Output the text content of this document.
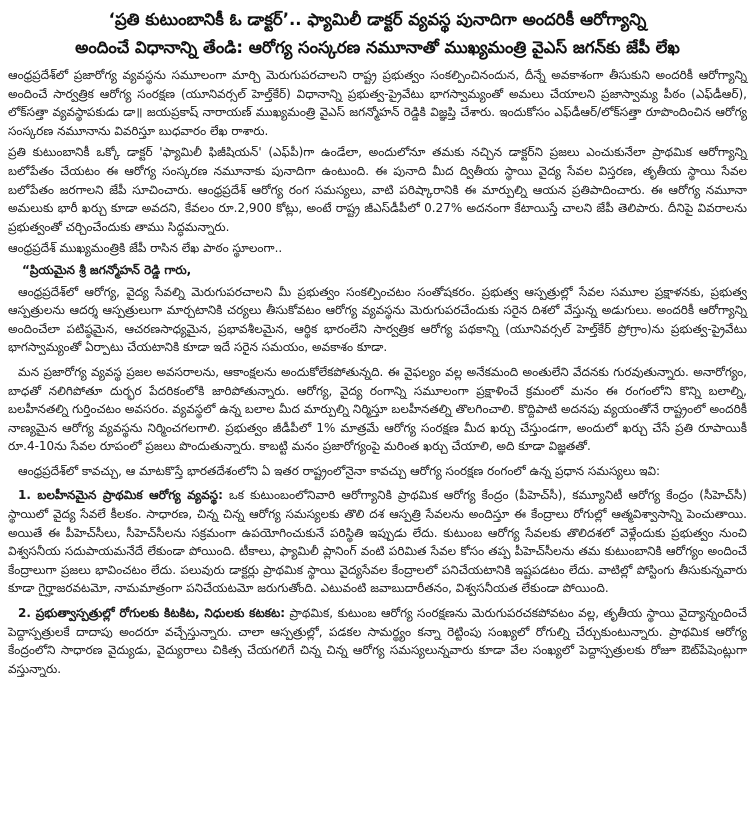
‘ప్రతి కుటుంబానికీ ఓ డాక్టర్’.. ఫ్యామిలీ డాక్టర్ వ్యవస్థ పునాదిగా అందరికీ ఆరోగ్యాన్ని
అందించే విధానాన్ని తేండి: ఆరోగ్య సంస్కరణ నమూనాతో ముఖ్యమంత్రి వైఎస్ జగన్‌కు జేపీ లేఖ

ఆంధ్రప్రదేశ్‌లో ప్రజారోగ్య వ్యవస్థను సమూలంగా మార్చి మెరుగుపరచాలని రాష్ట్ర ప్రభుత్వం సంకల్పించినందున, దీన్నే అవకాశంగా తీసుకుని అందరికీ ఆరోగ్యాన్ని అందించే సార్వత్రిక ఆరోగ్య సంరక్షణ (యూనివర్సల్ హెల్త్‌కేర్) విధానాన్ని ప్రభుత్వ-ప్రైవేటు భాగస్వామ్యంతో అమలు చేయాలని ప్రజాస్వామ్య పీఠం (ఎఫ్‌డీఆర్), లోక్‌సత్తా వ్యవస్థాపకుడు డా॥ జయప్రకాష్ నారాయణ్ ముఖ్యమంత్రి వైఎస్ జగన్మోహన్ రెడ్డికి విజ్ఞప్తి చేశారు. ఇందుకోసం ఎఫ్‌డీఆర్/లోక్‌సత్తా రూపొందించిన ఆరోగ్య సంస్కరణ నమూనాను వివరిస్తూ బుధవారం లేఖ రాశారు.

ప్రతి కుటుంబానికీ ఒక్కో డాక్టర్ 'ఫ్యామిలీ ఫిజీషియన్' (ఎఫ్‌పీ)గా ఉండేలా, అందులోనూ తమకు నచ్చిన డాక్టర్‌ని ప్రజలు ఎంచుకునేలా ప్రాథమిక ఆరోగ్యాన్ని బలోపేతం చేయటం ఈ ఆరోగ్య సంస్కరణ నమూనాకు పునాదిగా ఉంటుంది. ఈ పునాది మీద ద్వితీయ స్థాయి వైద్య సేవల విస్తరణ, తృతీయ స్థాయి సేవల బలోపేతం జరగాలని జేపీ సూచించారు. ఆంధ్రప్రదేశ్ ఆరోగ్య రంగ సమస్యలు, వాటి పరిష్కారానికి ఈ మార్పుల్ని ఆయన ప్రతిపాదించారు. ఈ ఆరోగ్య నమూనా అమలుకు భారీ ఖర్చు కూడా అవదని, కేవలం రూ.2,900 కోట్లు, అంటే రాష్ట్ర జీఎస్‌డీపీలో 0.27% అదనంగా కేటాయిస్తే చాలని జేపీ తెలిపారు. దీనిపై వివరాలను ప్రభుత్వంతో చర్చించేందుకు తాము సిద్ధమన్నారు.

ఆంధ్రప్రదేశ్ ముఖ్యమంత్రికి జేపీ రాసిన లేఖ పాఠం స్థూలంగా..

“ప్రియమైన శ్రీ జగన్మోహన్ రెడ్డి గారు,

ఆంధ్రప్రదేశ్‌లో ఆరోగ్య, వైద్య సేవల్ని మెరుగుపరచాలని మీ ప్రభుత్వం సంకల్పించటం సంతోషకరం. ప్రభుత్వ ఆస్పత్రుల్లో సేవల సమూల ప్రక్షాళనకు, ప్రభుత్వ ఆస్పత్రులను ఆదర్శ ఆస్పత్రులుగా మార్చటానికి చర్యలు తీసుకోవటం ఆరోగ్య వ్యవస్థను మెరుగుపరచేందుకు సరైన దిశలో వేస్తున్న అడుగులు. అందరికీ ఆరోగ్యాన్ని అందించేలా పటిష్ఠమైన, ఆచరణసాధ్యమైన, ప్రభావశీలమైన, ఆర్థిక భారంలేని సార్వత్రిక ఆరోగ్య పథకాన్ని (యూనివర్సల్ హెల్త్‌కేర్ ప్రోగ్రాం)ను ప్రభుత్వ-ప్రైవేటు భాగస్వామ్యంతో ఏర్పాటు చేయటానికి కూడా ఇదే సరైన సమయం, అవకాశం కూడా.

మన ప్రజారోగ్య వ్యవస్థ ప్రజల అవసరాలను, ఆకాంక్షలను అందుకోలేకపోతున్నది. ఈ వైఫల్యం వల్ల అనేకమంది అంతులేని వేదనకు గురవుతున్నారు. అనారోగ్యం, బాధతో నలిగిపోతూ దుర్భర పేదరికంలోకి జారిపోతున్నారు. ఆరోగ్య, వైద్య రంగాన్ని సమూలంగా ప్రక్షాళించే క్రమంలో మనం ఈ రంగంలోని కొన్ని బలాల్ని, బలహీనతల్ని గుర్తించటం అవసరం. వ్యవస్థలో ఉన్న బలాల మీద మార్పుల్ని నిర్మిస్తూ బలహీనతల్ని తొలగించాలి. కొద్దిపాటి అదనపు వ్యయంతోనే రాష్ట్రంలో అందరికీ నాణ్యమైన ఆరోగ్య వ్యవస్థను నిర్మించగలగాలి. ప్రభుత్వం జీడీపీలో 1% మాత్రమే ఆరోగ్య సంరక్షణ మీద ఖర్చు చేస్తుండగా, అందులో ఖర్చు చేసే ప్రతి రూపాయికీ రూ.4-10ను సేవల రూపంలో ప్రజలు పొందుతున్నారు. కాబట్టి మనం ప్రజారోగ్యంపై మరింత ఖర్చు చేయాలి, అది కూడా విజ్ఞతతో.

ఆంధ్రప్రదేశ్‌లో కావచ్చు, ఆ మాటకొస్తే భారతదేశంలోని ఏ ఇతర రాష్ట్రంలోనైనా కావచ్చు ఆరోగ్య సంరక్షణ రంగంలో ఉన్న ప్రధాన సమస్యలు ఇవి:

1. బలహీనమైన ప్రాథమిక ఆరోగ్య వ్యవస్థ: ఒక కుటుంబంలోనివారి ఆరోగ్యానికి ప్రాథమిక ఆరోగ్య కేంద్రం (పీహెచ్‌సీ), కమ్యూనిటీ ఆరోగ్య కేంద్రం (సీహెచ్‌సీ) స్థాయిలో వైద్య సేవలే కీలకం. సాధారణ, చిన్న చిన్న ఆరోగ్య సమస్యలకు తొలి దశ ఆస్పత్రి సేవలను అందిస్తూ ఈ కేంద్రాలు రోగుల్లో ఆత్మవిశ్వాసాన్ని పెంచుతాయి. అయితే ఈ పీహెచ్‌సీలు, సీహెచ్‌సీలను సక్రమంగా ఉపయోగించుకునే పరిస్థితి ఇప్పుడు లేదు. కుటుంబ ఆరోగ్య సేవలకు తొలిదశలో వెళ్లేందుకు ప్రభుత్వం నుంచి విశ్వసనీయ సదుపాయమనేదే లేకుండా పోయింది. టీకాలు, ఫ్యామిలీ ప్లానింగ్ వంటి పరిమిత సేవల కోసం తప్ప పీహెచ్‌సీలను తమ కుటుంబానికి ఆరోగ్యం అందించే కేంద్రాలుగా ప్రజలు భావించటం లేదు. పలువురు డాక్టర్లు ప్రాథమిక స్థాయి వైద్యసేవల కేంద్రాలలో పనిచేయటానికి ఇష్టపడటం లేదు. వాటిల్లో పోస్టింగు తీసుకున్నవారు కూడా గైర్హాజరవటమో, నామమాత్రంగా పనిచేయటమో జరుగుతోంది. ఎటువంటి జవాబుదారీతనం, విశ్వసనీయత లేకుండా పోయింది.

2. ప్రభుత్వాస్పత్రుల్లో రోగులకు కిటకిట, నిధులకు కటకట: ప్రాథమిక, కుటుంబ ఆరోగ్య సంరక్షణను మెరుగుపరచకపోవటం వల్ల, తృతీయ స్థాయి వైద్యాన్నందించే పెద్దాస్పత్రులకే దాదాపు అందరూ వచ్చేస్తున్నారు. చాలా ఆస్పత్రుల్లో, పడకల సామర్థ్యం కన్నా రెట్టింపు సంఖ్యలో రోగుల్ని చేర్చుకుంటున్నారు. ప్రాథమిక ఆరోగ్య కేంద్రంలోని సాధారణ వైద్యుడు, వైద్యురాలు చికిత్స చేయగలిగే చిన్న చిన్న ఆరోగ్య సమస్యలున్నవారు కూడా వేల సంఖ్యలో పెద్దాస్పత్రులకు రోజూ ఔట్‌పేషెంట్లుగా వస్తున్నారు.
